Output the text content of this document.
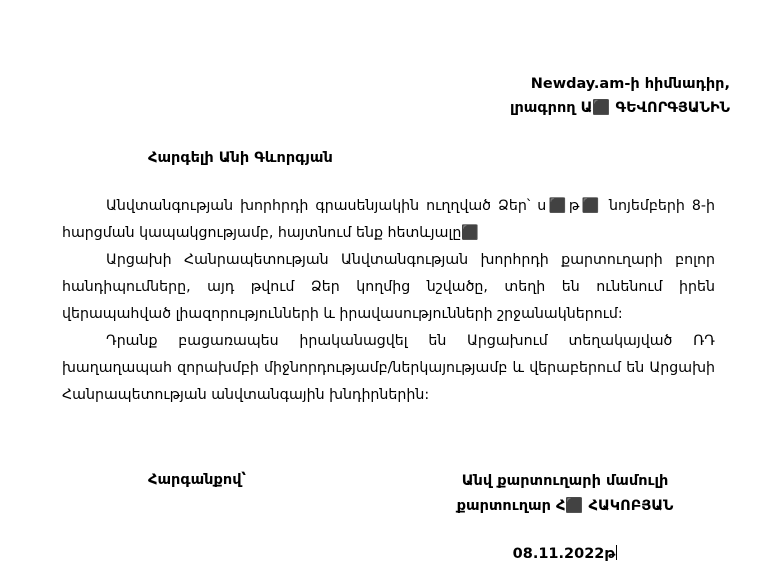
Newday.am-ի հիմնադիր,
լրագրող Ա⬛ ԳԵՎՈՐԳՅԱՆԻՆ
Հարգելի Անի Գևորգյան

Անվտանգության խորհրդի գրասենյակին ուղղված Ձեր՝ ս⬛թ⬛ նոյեմբերի 8-ի հարցման կապակցությամբ, հայտնում ենք հետևյալը⬛

Արցախի Հանրապետության Անվտանգության խորհրդի քարտուղարի բոլոր հանդիպումները, այդ թվում Ձեր կողմից նշվածը, տեղի են ունենում իրեն վերապահված լիազորությունների և իրավասությունների շրջանակներում:

Դրանք բացառապես իրականացվել են Արցախում տեղակայված ՌԴ խաղաղապահ զորախմբի միջնորդությամբ/ներկայությամբ և վերաբերում են Արցախի Հանրապետության անվտանգային խնդիրներին:

Հարգանքով՝	Անվ քարտուղարի մամուլի
քարտուղար Հ⬛ ՀԱԿՈԲՅԱՆ
08.11.2022թ
